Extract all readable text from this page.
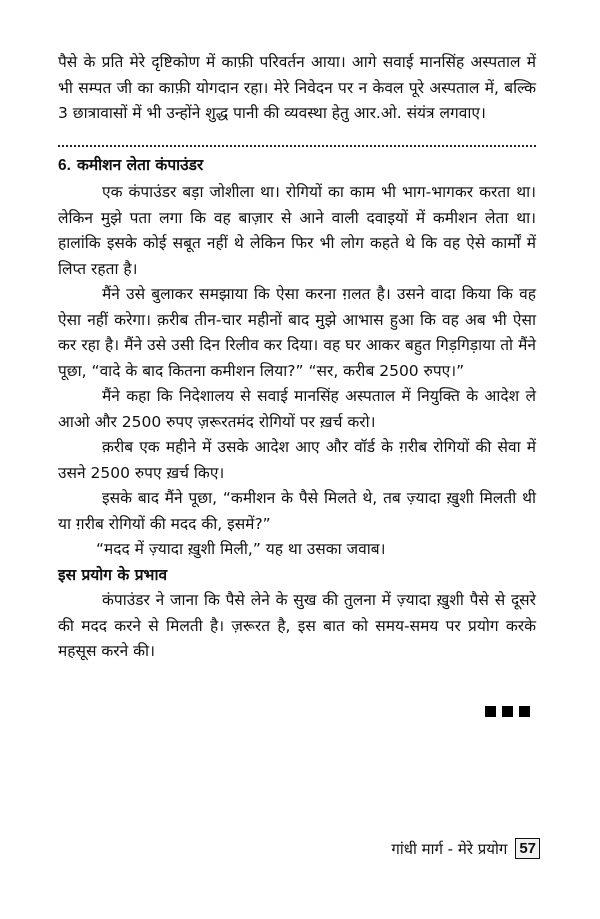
पैसे के प्रति मेरे दृष्टिकोण में काफ़ी परिवर्तन आया। आगे सवाई मानसिंह अस्पताल में भी सम्पत जी का काफ़ी योगदान रहा। मेरे निवेदन पर न केवल पूरे अस्पताल में, बल्कि 3 छात्रावासों में भी उन्होंने शुद्ध पानी की व्यवस्था हेतु आर.ओ. संयंत्र लगवाए।

6. कमीशन लेता कंपाउंडर

एक कंपाउंडर बड़ा जोशीला था। रोगियों का काम भी भाग-भागकर करता था। लेकिन मुझे पता लगा कि वह बाज़ार से आने वाली दवाइयों में कमीशन लेता था। हालांकि इसके कोई सबूत नहीं थे लेकिन फिर भी लोग कहते थे कि वह ऐसे कार्मों में लिप्त रहता है।

मैंने उसे बुलाकर समझाया कि ऐसा करना ग़लत है। उसने वादा किया कि वह ऐसा नहीं करेगा। क़रीब तीन-चार महीनों बाद मुझे आभास हुआ कि वह अब भी ऐसा कर रहा है। मैंने उसे उसी दिन रिलीव कर दिया। वह घर आकर बहुत गिड़गिड़ाया तो मैंने पूछा, “वादे के बाद कितना कमीशन लिया?” “सर, करीब 2500 रुपए।”

मैंने कहा कि निदेशालय से सवाई मानसिंह अस्पताल में नियुक्ति के आदेश ले आओ और 2500 रुपए ज़रूरतमंद रोगियों पर ख़र्च करो।

क़रीब एक महीने में उसके आदेश आए और वॉर्ड के ग़रीब रोगियों की सेवा में उसने 2500 रुपए ख़र्च किए।

इसके बाद मैंने पूछा, “कमीशन के पैसे मिलते थे, तब ज़्यादा ख़ुशी मिलती थी या ग़रीब रोगियों की मदद की, इसमें?”

“मदद में ज़्यादा ख़ुशी मिली,” यह था उसका जवाब।

इस प्रयोग के प्रभाव

कंपाउंडर ने जाना कि पैसे लेने के सुख की तुलना में ज़्यादा ख़ुशी पैसे से दूसरे की मदद करने से मिलती है। ज़रूरत है, इस बात को समय-समय पर प्रयोग करके महसूस करने की।

गांधी मार्ग - मेरे प्रयोग 57
